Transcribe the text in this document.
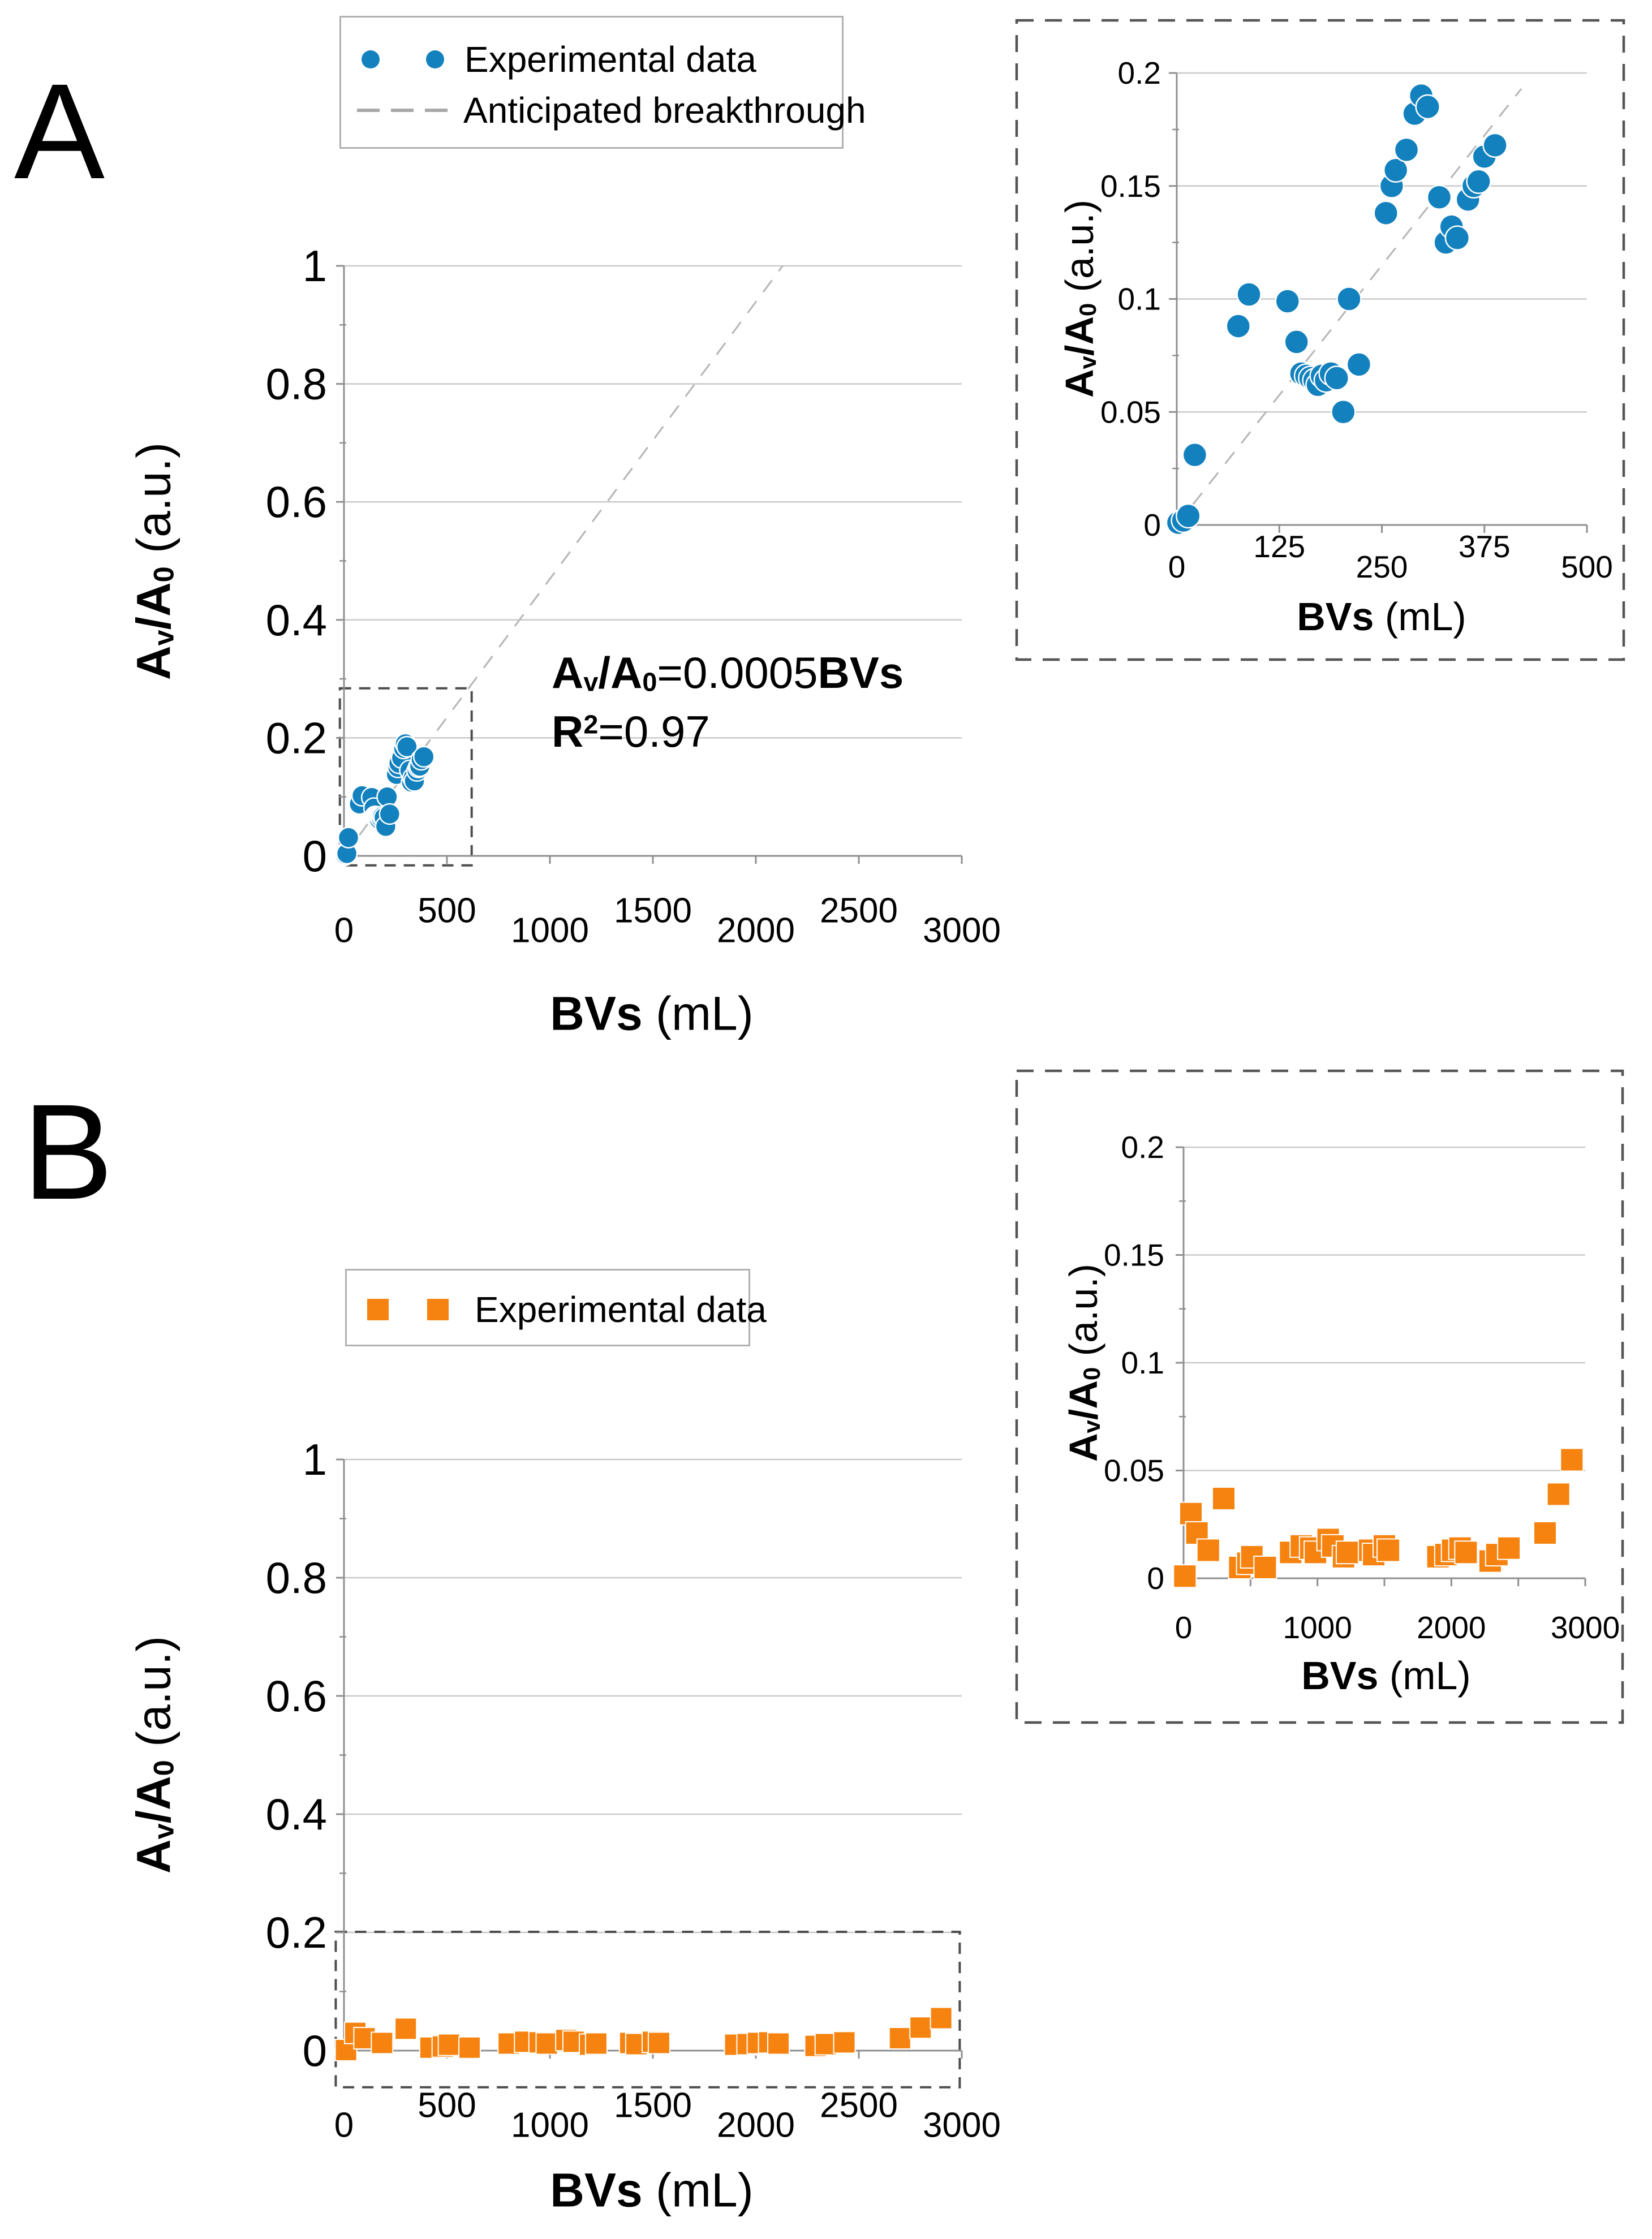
0
0.2
0.4
0.6
0.8
1
0
500
1000
1500
2000
2500
3000
0
0.05
0.1
0.15
0.2
0
125
250
375
500
0
0.2
0.4
0.6
0.8
1
0
500
1000
1500
2000
2500
3000
0
0.05
0.1
0.15
0.2
0	1000 2000 3000
A
B
Experimental data
Anticipated breakthrough
Experimental data
Av/A0 (a.u.)
BVs (mL)
Av/A0 (a.u.)
BVs (mL)
Av/A0 (a.u.)
BVs (mL)
Av/A0 (a.u.)
BVs (mL)
Av/A0=0.0005BVs
$R^2=0.97$
